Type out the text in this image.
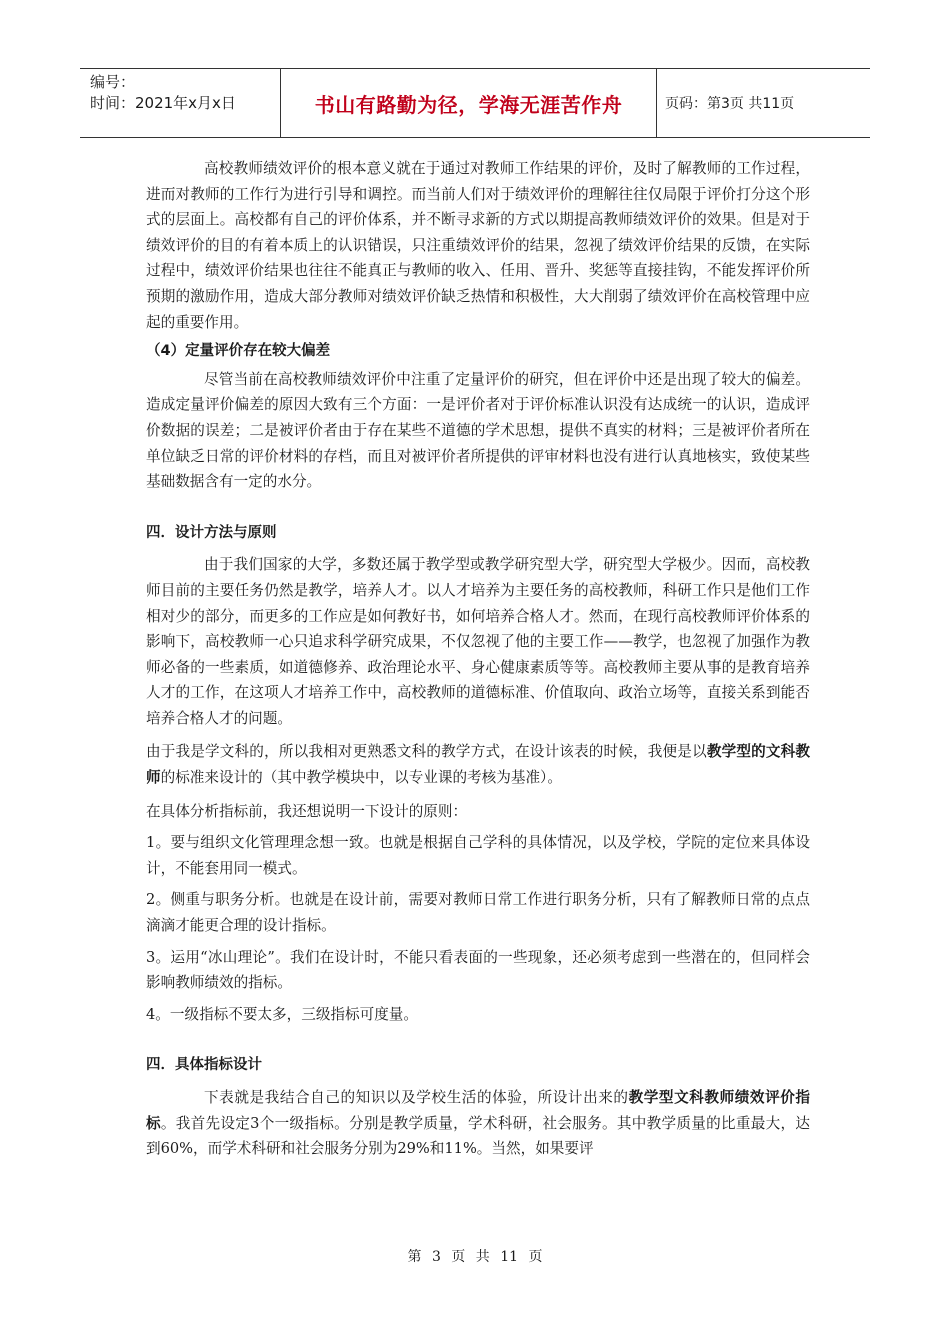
编号：
时间：2021年x月x日	书山有路勤为径，学海无涯苦作舟	页码：第3页 共11页

高校教师绩效评价的根本意义就在于通过对教师工作结果的评价，及时了解教师的工作过程，进而对教师的工作行为进行引导和调控。而当前人们对于绩效评价的理解往往仅局限于评价打分这个形式的层面上。高校都有自己的评价体系，并不断寻求新的方式以期提高教师绩效评价的效果。但是对于绩效评价的目的有着本质上的认识错误，只注重绩效评价的结果，忽视了绩效评价结果的反馈，在实际过程中，绩效评价结果也往往不能真正与教师的收入、任用、晋升、奖惩等直接挂钩，不能发挥评价所预期的激励作用，造成大部分教师对绩效评价缺乏热情和积极性，大大削弱了绩效评价在高校管理中应起的重要作用。

（4）定量评价存在较大偏差

尽管当前在高校教师绩效评价中注重了定量评价的研究，但在评价中还是出现了较大的偏差。造成定量评价偏差的原因大致有三个方面：一是评价者对于评价标准认识没有达成统一的认识，造成评价数据的误差；二是被评价者由于存在某些不道德的学术思想，提供不真实的材料；三是被评价者所在单位缺乏日常的评价材料的存档，而且对被评价者所提供的评审材料也没有进行认真地核实，致使某些基础数据含有一定的水分。

四．设计方法与原则

由于我们国家的大学，多数还属于教学型或教学研究型大学，研究型大学极少。因而，高校教师目前的主要任务仍然是教学，培养人才。以人才培养为主要任务的高校教师，科研工作只是他们工作相对少的部分，而更多的工作应是如何教好书，如何培养合格人才。然而，在现行高校教师评价体系的影响下，高校教师一心只追求科学研究成果，不仅忽视了他的主要工作——教学，也忽视了加强作为教师必备的一些素质，如道德修养、政治理论水平、身心健康素质等等。高校教师主要从事的是教育培养人才的工作，在这项人才培养工作中，高校教师的道德标准、价值取向、政治立场等，直接关系到能否培养合格人才的问题。

由于我是学文科的，所以我相对更熟悉文科的教学方式，在设计该表的时候，我便是以教学型的文科教师的标准来设计的（其中教学模块中，以专业课的考核为基准）。

在具体分析指标前，我还想说明一下设计的原则：

1。要与组织文化管理理念想一致。也就是根据自己学科的具体情况，以及学校，学院的定位来具体设计，不能套用同一模式。

2。侧重与职务分析。也就是在设计前，需要对教师日常工作进行职务分析，只有了解教师日常的点点滴滴才能更合理的设计指标。

3。运用“冰山理论”。我们在设计时，不能只看表面的一些现象，还必须考虑到一些潜在的，但同样会影响教师绩效的指标。

4。一级指标不要太多，三级指标可度量。

四．具体指标设计

下表就是我结合自己的知识以及学校生活的体验，所设计出来的教学型文科教师绩效评价指标。我首先设定3个一级指标。分别是教学质量，学术科研，社会服务。其中教学质量的比重最大，达到60%，而学术科研和社会服务分别为29%和11%。当然，如果要评

第 3 页 共 11 页
